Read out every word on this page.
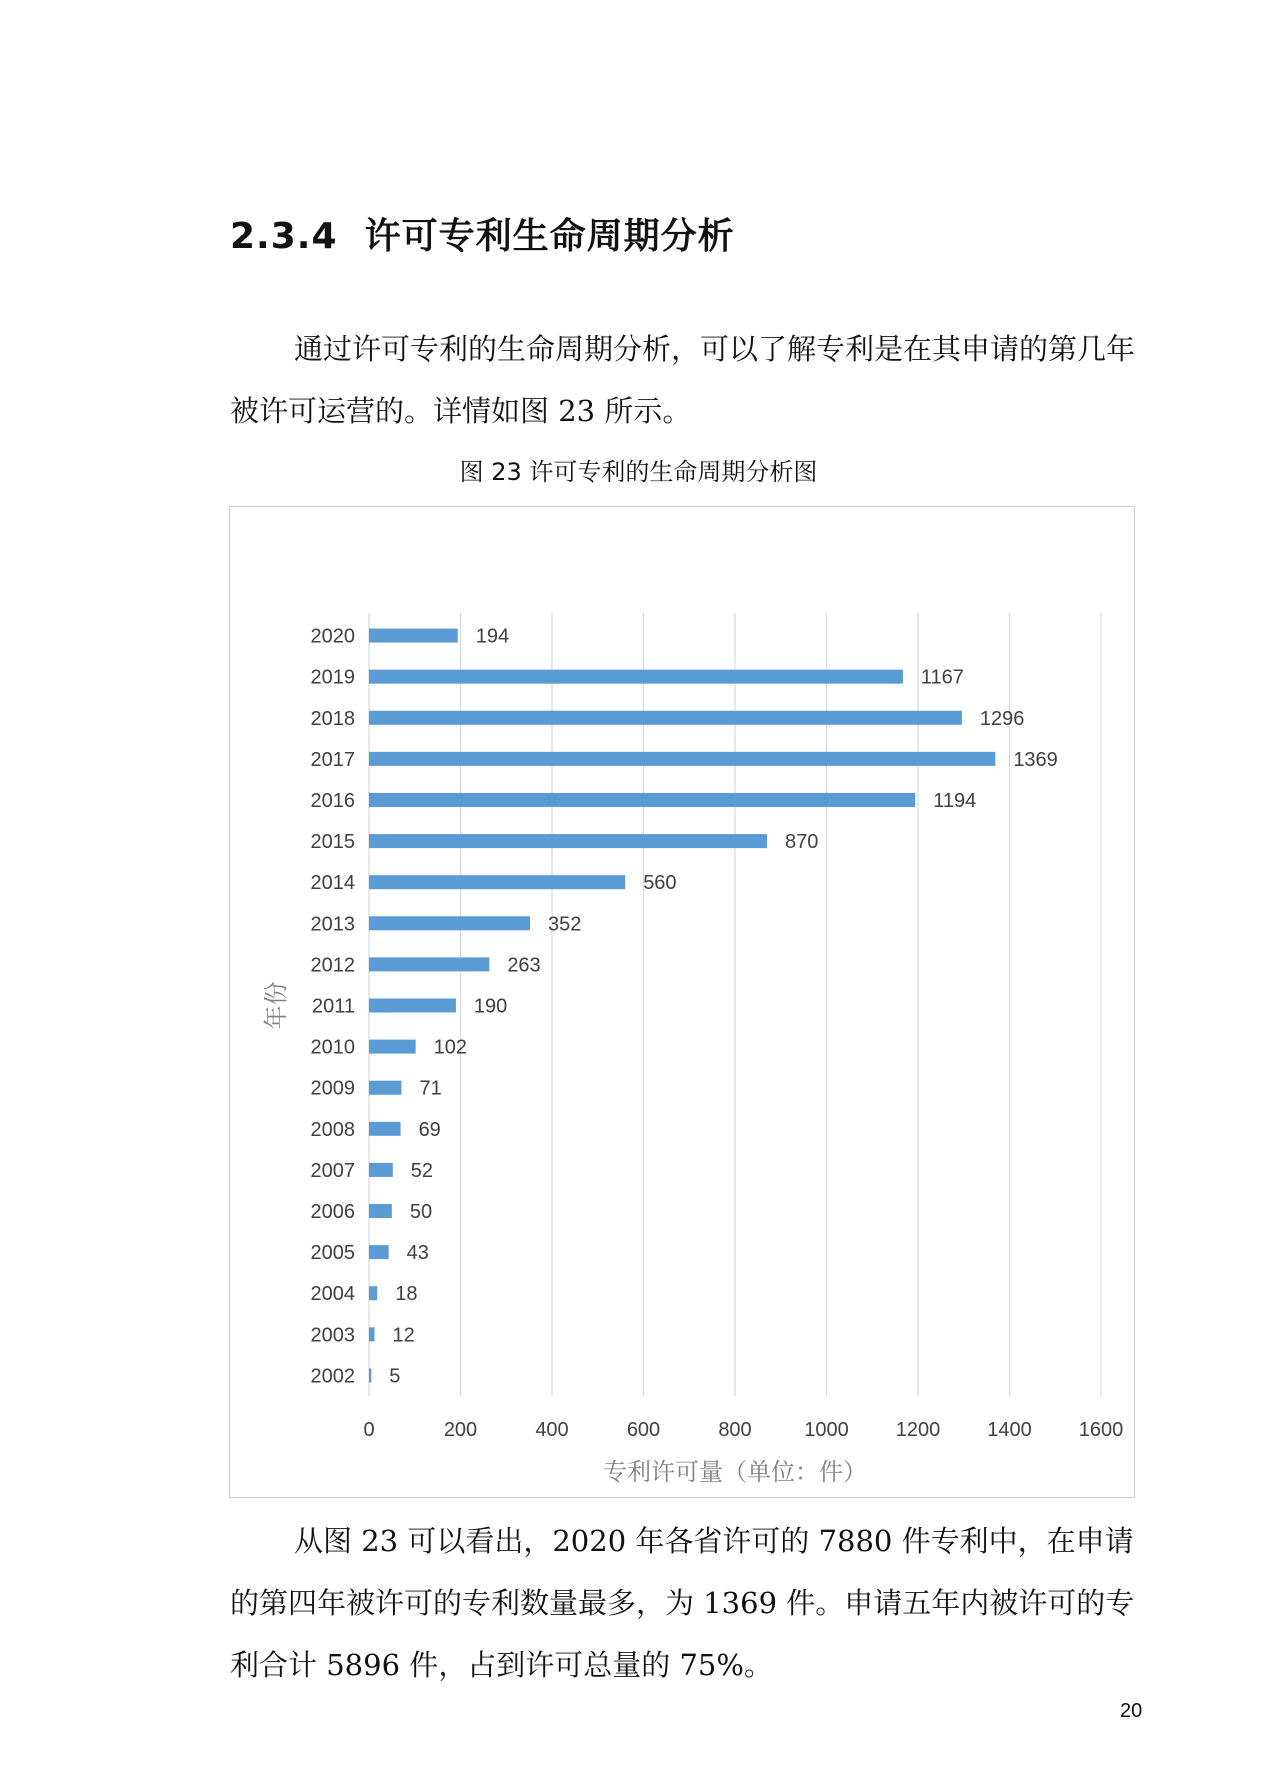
2.3.4 许可专利生命周期分析
通过许可专利的生命周期分析，可以了解专利是在其申请的第几年被许可运营的。详情如图 23 所示。
图 23 许可专利的生命周期分析图
0	200	400	600	800	1000 1200 1400 1600
2002 5
2003 12
2004 18
2005	43
2006	50
2007	52
2008	69
2009	71
2010	102
2011	190
2012	263
2013	352
2014	560
2015	870
2016	1194
2017	1369
2018	1296
2019	1167
2020	194
专利许可量（单位：件）
年份
从图 23 可以看出，2020 年各省许可的 7880 件专利中，在申请的第四年被许可的专利数量最多，为 1369 件。申请五年内被许可的专利合计 5896 件，占到许可总量的 75%。
20
